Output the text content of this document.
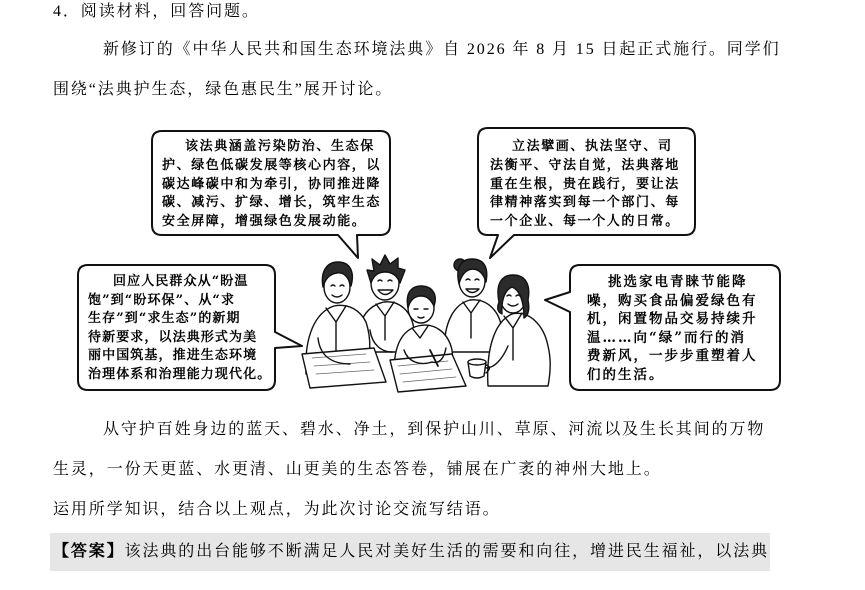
4．阅读材料，回答问题。
新修订的《中华人民共和国生态环境法典》自 2026 年 8 月 15 日起正式施行。同学们
围绕“法典护生态，绿色惠民生”展开讨论。
该法典涵盖污染防治、生态保
护、绿色低碳发展等核心内容，以
碳达峰碳中和为牵引，协同推进降
碳、减污、扩绿、增长，筑牢生态
安全屏障，增强绿色发展动能。
立法擘画、执法坚守、司
法衡平、守法自觉，法典落地
重在生根，贵在践行，要让法
律精神落实到每一个部门、每
一个企业、每一个人的日常。
回应人民群众从“盼温
饱”到“盼环保”、从“求
生存”到“求生态”的新期
待新要求，以法典形式为美
丽中国筑基，推进生态环境
治理体系和治理能力现代化。
挑选家电青睐节能降
噪，购买食品偏爱绿色有
机，闲置物品交易持续升
温……向“绿”而行的消
费新风，一步步重塑着人
们的生活。
从守护百姓身边的蓝天、碧水、净土，到保护山川、草原、河流以及生长其间的万物
生灵，一份天更蓝、水更清、山更美的生态答卷，铺展在广袤的神州大地上。
运用所学知识，结合以上观点，为此次讨论交流写结语。
【答案】该法典的出台能够不断满足人民对美好生活的需要和向往，增进民生福祉，以法典
